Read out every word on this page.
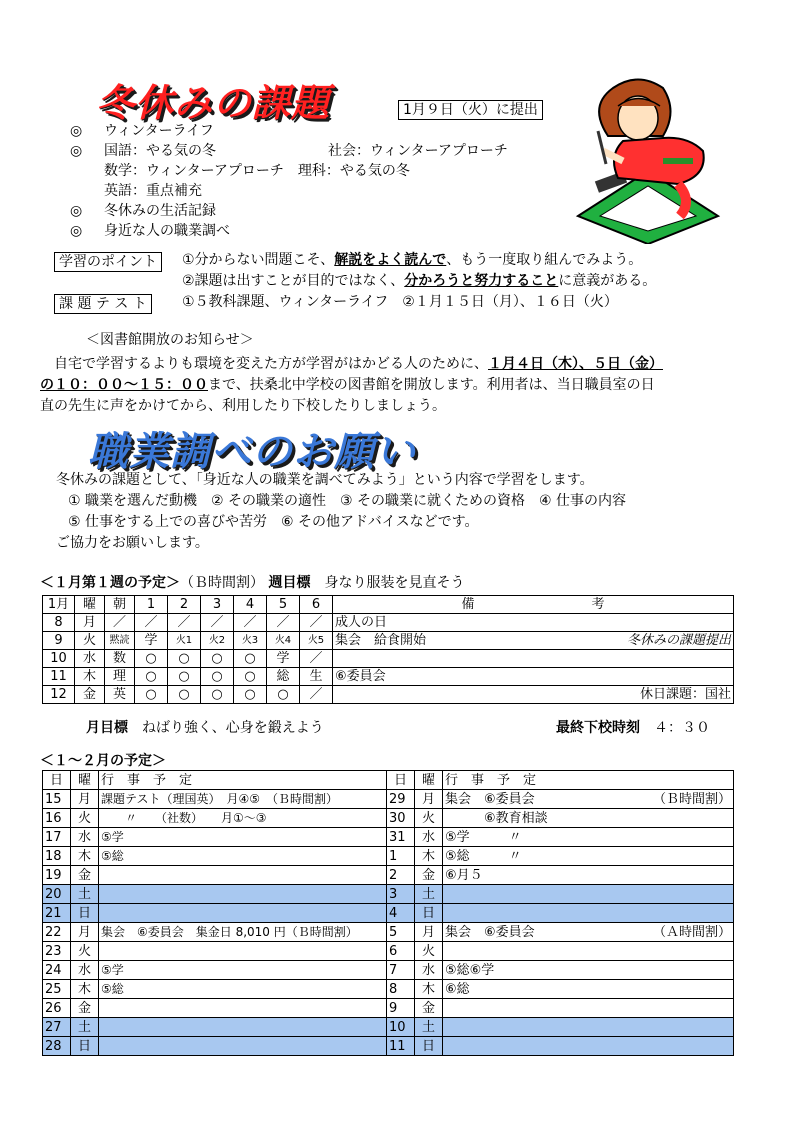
冬休みの課題	1月９日（火）に提出
◎ ウィンターライフ
◎ 国語：やる気の冬	社会：ウィンターアプローチ
数学：ウィンターアプローチ　理科：やる気の冬
英語：重点補充
◎ 冬休みの生活記録
◎ 身近な人の職業調べ
学習のポイント	①分からない問題こそ、解説をよく読んで、もう一度取り組んでみよう。
②課題は出すことが目的ではなく、分かろうと努力することに意義がある。
課 題 テ ス ト	①５教科課題、ウィンターライフ　②１月１５日（月）、１６日（火）
＜図書館開放のお知らせ＞
自宅で学習するよりも環境を変えた方が学習がはかどる人のために、１月４日（木）、５日（金）
の１０：００～１５：００まで、扶桑北中学校の図書館を開放します。利用者は、当日職員室の日
直の先生に声をかけてから、利用したり下校したりしましょう。
職業調べのお願い
冬休みの課題として、「身近な人の職業を調べてみよう」という内容で学習をします。
① 職業を選んだ動機　② その職業の適性　③ その職業に就くための資格　④ 仕事の内容
⑤ 仕事をする上での喜びや苦労　⑥ その他アドバイスなどです。
ご協力をお願いします。
＜１月第１週の予定＞（Ｂ時間割） 週目標　 身なり服装を見直そう
1月	曜	朝	1	2	3	4	5	6	備　　　　　　　　　考
8	月	／	／	／	／	／	／	／	成人の日

9	火	黙読	学	火1	火2	火3	火4	火5	集会　給食開始 冬休みの課題提出

10	水	数	○	○	○	○	学	／	

11	木	理	○	○	○	○	総	生	⑥委員会

12	金	英	○	○	○	○	○	／	休日課題：国社
月目標　 ねばり強く、心身を鍛えよう	最終下校時刻　 ４：３０
＜１～２月の予定＞
日	曜	行　事　予　定	日	曜	行　事　予　定
15	月	課題テスト（理国英）　月④⑤　（Ｂ時間割）	29	月	集会　⑥委員会 （Ｂ時間割）

16	火	　　〃　　（社数）　　月①～③	30	火	　　　⑥教育相談

17	水	⑤学	31	水	⑤学　　　〃

18	木	⑤総	1	木	⑤総　　　〃

19	金		2	金	⑥月５

20	土		3	土	

21	日		4	日	

22	月	集会　⑥委員会　集金日 8,010 円（Ｂ時間割）	5	月	集会　⑥委員会 （Ａ時間割）

23	火		6	火	

24	水	⑤学	7	水	⑤総⑥学

25	木	⑤総	8	木	⑥総

26	金		9	金	

27	土		10	土	

28	日		11	日	
